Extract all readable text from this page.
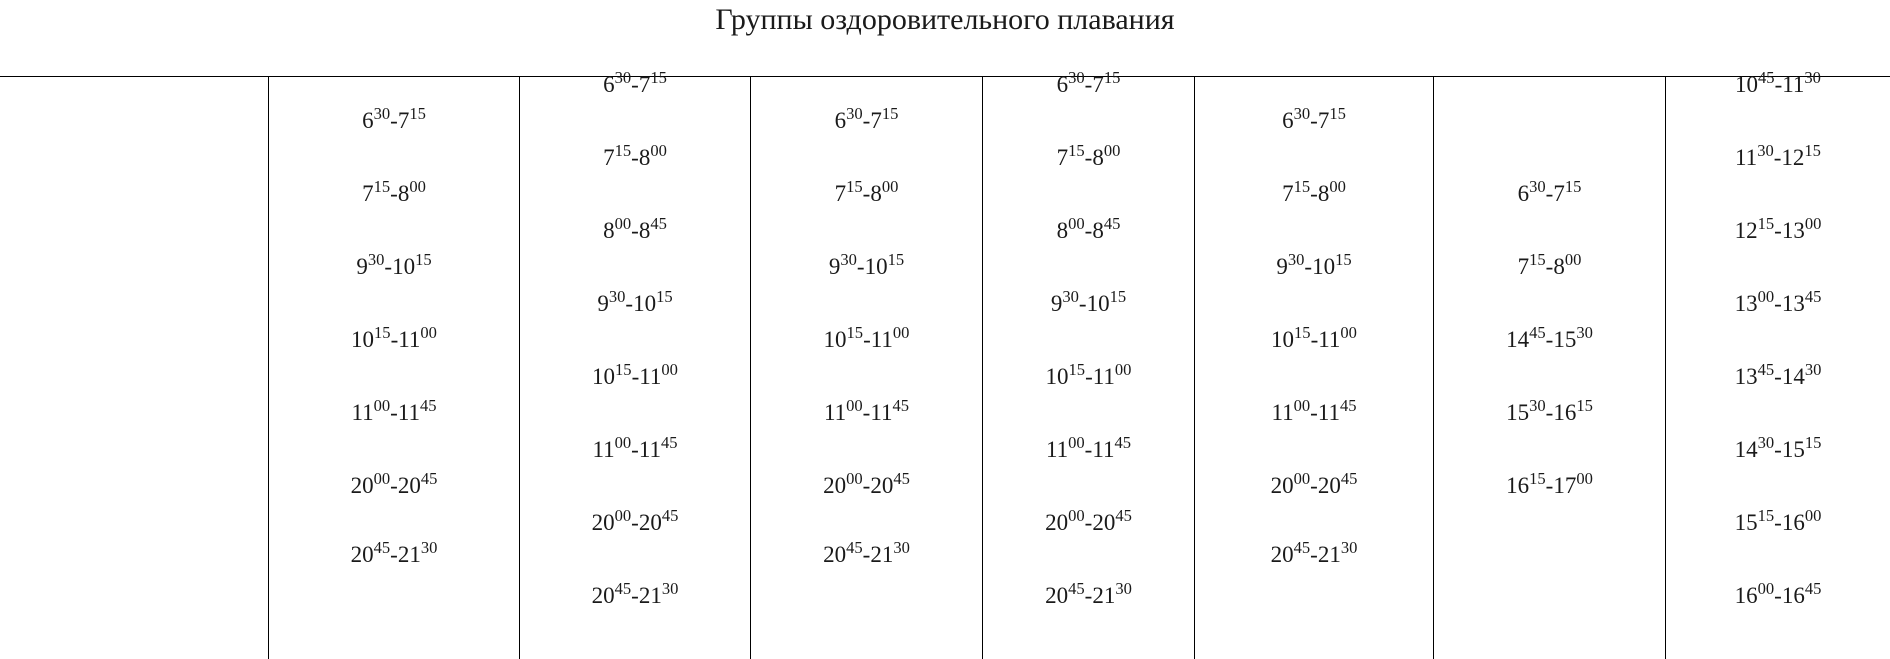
Группы оздоровительного плавания
$6^{30}-7^{15}$
$7^{15}-8^{00}$
$9^{30}-10^{15}$
$10^{15}-11^{00}$
$11^{00}-11^{45}$
$20^{00}-20^{45}$
$20^{45}-21^{30}$
$6^{30}-7^{15}$
$7^{15}-8^{00}$
$8^{00}-8^{45}$
$9^{30}-10^{15}$
$10^{15}-11^{00}$
$11^{00}-11^{45}$
$20^{00}-20^{45}$
$20^{45}-21^{30}$
$6^{30}-7^{15}$
$7^{15}-8^{00}$
$9^{30}-10^{15}$
$10^{15}-11^{00}$
$11^{00}-11^{45}$
$20^{00}-20^{45}$
$20^{45}-21^{30}$
$6^{30}-7^{15}$
$7^{15}-8^{00}$
$8^{00}-8^{45}$
$9^{30}-10^{15}$
$10^{15}-11^{00}$
$11^{00}-11^{45}$
$20^{00}-20^{45}$
$20^{45}-21^{30}$
$6^{30}-7^{15}$
$7^{15}-8^{00}$
$9^{30}-10^{15}$
$10^{15}-11^{00}$
$11^{00}-11^{45}$
$20^{00}-20^{45}$
$20^{45}-21^{30}$
$6^{30}-7^{15}$
$7^{15}-8^{00}$
$14^{45}-15^{30}$
$15^{30}-16^{15}$
$16^{15}-17^{00}$
$10^{45}-11^{30}$
$11^{30}-12^{15}$
$12^{15}-13^{00}$
$13^{00}-13^{45}$
$13^{45}-14^{30}$
$14^{30}-15^{15}$
$15^{15}-16^{00}$
$16^{00}-16^{45}$
